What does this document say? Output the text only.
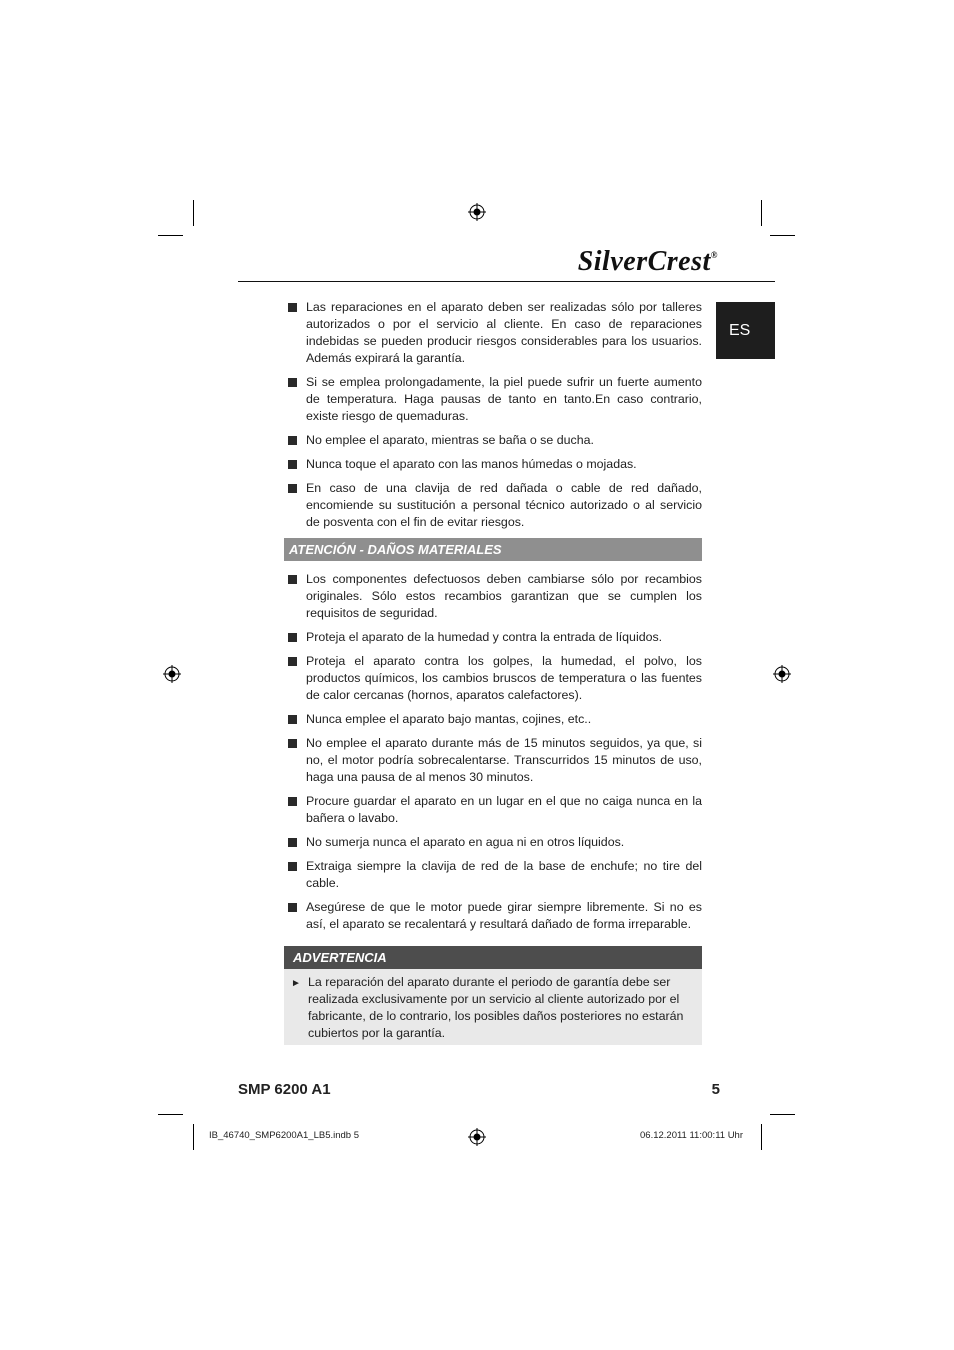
SilverCrest®
ES
Las reparaciones en el aparato deben ser realizadas sólo por talleres autorizados o por el servicio al cliente. En caso de reparaciones indebidas se pueden producir riesgos considerables para los usuarios. Además expirará la garantía.
Si se emplea prolongadamente, la piel puede sufrir un fuerte aumento de temperatura. Haga pausas de tanto en tanto.En caso contrario, existe riesgo de quemaduras.
No emplee el aparato, mientras se baña o se ducha.
Nunca toque el aparato con las manos húmedas o mojadas.
En caso de una clavija de red dañada o cable de red dañado, encomiende su sustitución a personal técnico autorizado o al servicio de posventa con el fin de evitar riesgos.
ATENCIÓN - DAÑOS MATERIALES
Los componentes defectuosos deben cambiarse sólo por recambios originales. Sólo estos recambios garantizan que se cumplen los requisitos de seguridad.
Proteja el aparato de la humedad y contra la entrada de líquidos.
Proteja el aparato contra los golpes, la humedad, el polvo, los productos químicos, los cambios bruscos de temperatura o las fuentes de calor cercanas (hornos, aparatos calefactores).
Nunca emplee el aparato bajo mantas, cojines, etc..
No emplee el aparato durante más de 15 minutos seguidos, ya que, si no, el motor podría sobrecalentarse. Transcurridos 15 minutos de uso, haga una pausa de al menos 30 minutos.
Procure guardar el aparato en un lugar en el que no caiga nunca en la bañera o lavabo.
No sumerja nunca el aparato en agua ni en otros líquidos.
Extraiga siempre la clavija de red de la base de enchufe; no tire del cable.
Asegúrese de que le motor puede girar siempre libremente. Si no es así, el aparato se recalentará y resultará dañado de forma irreparable.
ADVERTENCIA
► La reparación del aparato durante el periodo de garantía debe ser realizada exclusivamente por un servicio al cliente autorizado por el fabricante, de lo contrario, los posibles daños posteriores no estarán cubiertos por la garantía.
SMP 6200 A1	5
IB_46740_SMP6200A1_LB5.indb 5	06.12.2011 11:00:11 Uhr
